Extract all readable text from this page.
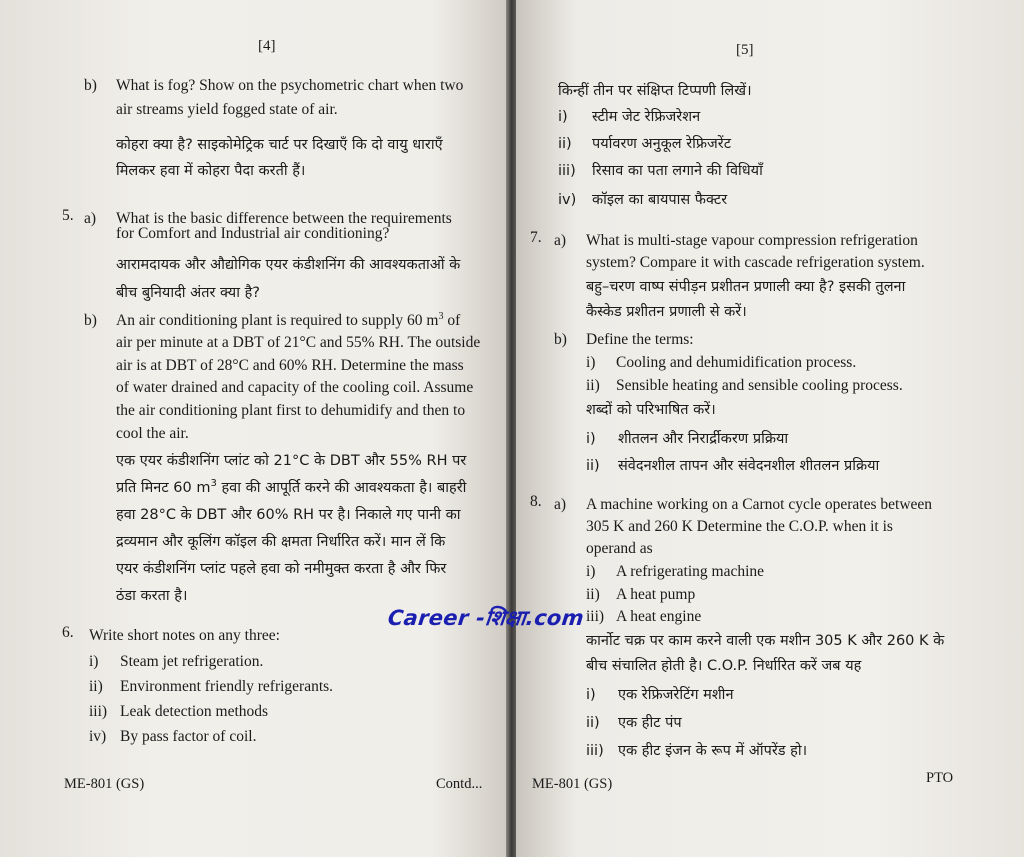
[4]
b) What is fog? Show on the psychometric chart when two
air streams yield fogged state of air.
कोहरा क्या है? साइकोमेट्रिक चार्ट पर दिखाएँ कि दो वायु धाराएँ
मिलकर हवा में कोहरा पैदा करती हैं।
5. a) What is the basic difference between the requirements
for Comfort and Industrial air conditioning?
आरामदायक और औद्योगिक एयर कंडीशनिंग की आवश्यकताओं के
बीच बुनियादी अंतर क्या है?
b) An air conditioning plant is required to supply 60 $m^3$ of
air per minute at a DBT of 21°C and 55% RH. The outside
air is at DBT of 28°C and 60% RH. Determine the mass
of water drained and capacity of the cooling coil. Assume
the air conditioning plant first to dehumidify and then to
cool the air.
एक एयर कंडीशनिंग प्लांट को 21°C के DBT और 55% RH पर
प्रति मिनट 60 $m^3$ हवा की आपूर्ति करने की आवश्यकता है। बाहरी
हवा 28°C के DBT और 60% RH पर है। निकाले गए पानी का
द्रव्यमान और कूलिंग कॉइल की क्षमता निर्धारित करें। मान लें कि
एयर कंडीशनिंग प्लांट पहले हवा को नमीमुक्त करता है और फिर
ठंडा करता है।
6. Write short notes on any three:
i) Steam jet refrigeration.
ii) Environment friendly refrigerants.
iii) Leak detection methods
iv) By pass factor of coil.
ME-801 (GS)	Contd...
[5]
किन्हीं तीन पर संक्षिप्त टिप्पणी लिखें।
i) स्टीम जेट रेफ्रिजरेशन
ii) पर्यावरण अनुकूल रेफ्रिजरेंट
iii) रिसाव का पता लगाने की विधियाँ
iv) कॉइल का बायपास फैक्टर
7. a) What is multi-stage vapour compression refrigeration
system? Compare it with cascade refrigeration system.
बहु–चरण वाष्प संपीड़न प्रशीतन प्रणाली क्या है? इसकी तुलना
कैस्केड प्रशीतन प्रणाली से करें।
b) Define the terms:
i) Cooling and dehumidification process.
ii) Sensible heating and sensible cooling process.
शब्दों को परिभाषित करें।
i) शीतलन और निरार्द्रीकरण प्रक्रिया
ii) संवेदनशील तापन और संवेदनशील शीतलन प्रक्रिया
8. a) A machine working on a Carnot cycle operates between
305 K and 260 K Determine the C.O.P. when it is
operand as
i) A refrigerating machine
ii) A heat pump
iii) A heat engine
कार्नोट चक्र पर काम करने वाली एक मशीन 305 K और 260 K के
बीच संचालित होती है। C.O.P. निर्धारित करें जब यह
i) एक रेफ्रिजरेटिंग मशीन
ii) एक हीट पंप
iii) एक हीट इंजन के रूप में ऑपरेंड हो।
ME-801 (GS)	PTO
Career -शिक्षा.com
